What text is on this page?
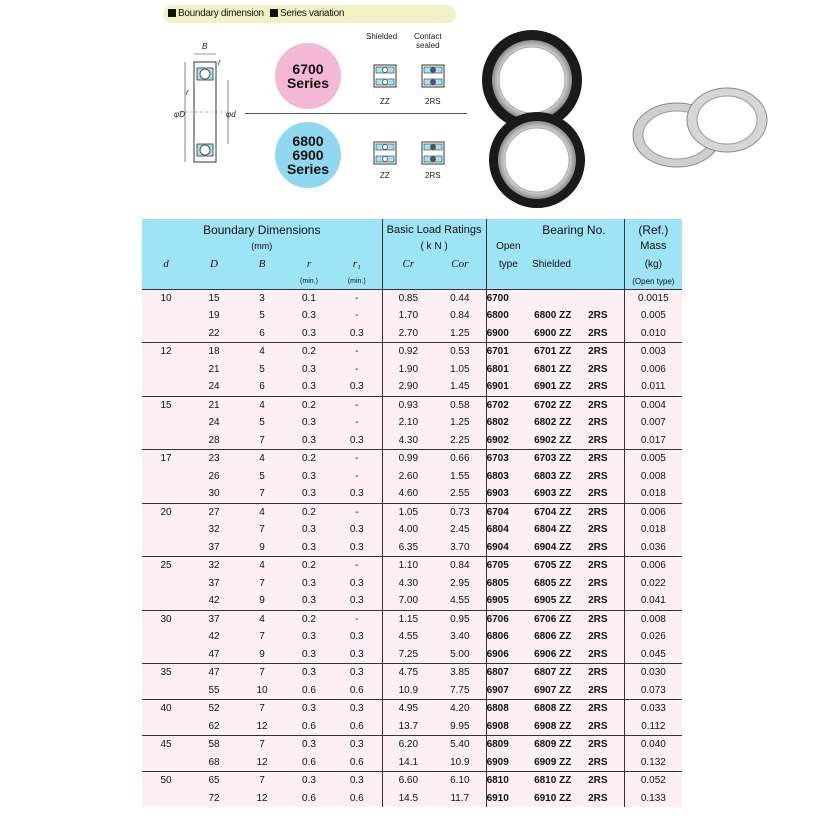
Boundary dimension	Series variation
B
r
r
φD	φd
6700
Series
6800
6900
Series
Shielded Contact
sealed
ZZ	2RS
ZZ	2RS
Boundary Dimensions					Basic Load Ratings		Bearing No.			(Ref.)
(mm)					( k N )		Open			Mass
d	D	B	r	r₁	Cr	Cor	type	Shielded		(kg)
			(min.)	(min.)						(Open type)
10	15	3	0.1	-	0.85	0.44	6700			0.0015
	19	5	0.3	-	1.70	0.84	6800	6800 ZZ	2RS	0.005
	22	6	0.3	0.3	2.70	1.25	6900	6900 ZZ	2RS	0.010
12	18	4	0.2	-	0.92	0.53	6701	6701 ZZ	2RS	0.003
	21	5	0.3	-	1.90	1.05	6801	6801 ZZ	2RS	0.006
	24	6	0.3	0.3	2.90	1.45	6901	6901 ZZ	2RS	0.011
15	21	4	0.2	-	0.93	0.58	6702	6702 ZZ	2RS	0.004
	24	5	0.3	-	2.10	1.25	6802	6802 ZZ	2RS	0.007
	28	7	0.3	0.3	4.30	2.25	6902	6902 ZZ	2RS	0.017
17	23	4	0.2	-	0.99	0.66	6703	6703 ZZ	2RS	0.005
	26	5	0.3	-	2.60	1.55	6803	6803 ZZ	2RS	0.008
	30	7	0.3	0.3	4.60	2.55	6903	6903 ZZ	2RS	0.018
20	27	4	0.2	-	1.05	0.73	6704	6704 ZZ	2RS	0.006
	32	7	0.3	0.3	4.00	2.45	6804	6804 ZZ	2RS	0.018
	37	9	0.3	0.3	6.35	3.70	6904	6904 ZZ	2RS	0.036
25	32	4	0.2	-	1.10	0.84	6705	6705 ZZ	2RS	0.006
	37	7	0.3	0.3	4.30	2.95	6805	6805 ZZ	2RS	0.022
	42	9	0.3	0.3	7.00	4.55	6905	6905 ZZ	2RS	0.041
30	37	4	0.2	-	1.15	0.95	6706	6706 ZZ	2RS	0.008
	42	7	0.3	0.3	4.55	3.40	6806	6806 ZZ	2RS	0.026
	47	9	0.3	0.3	7.25	5.00	6906	6906 ZZ	2RS	0.045
35	47	7	0.3	0.3	4.75	3.85	6807	6807 ZZ	2RS	0.030
	55	10	0.6	0.6	10.9	7.75	6907	6907 ZZ	2RS	0.073
40	52	7	0.3	0.3	4.95	4.20	6808	6808 ZZ	2RS	0.033
	62	12	0.6	0.6	13.7	9.95	6908	6908 ZZ	2RS	0.112
45	58	7	0.3	0.3	6.20	5.40	6809	6809 ZZ	2RS	0.040
	68	12	0.6	0.6	14.1	10.9	6909	6909 ZZ	2RS	0.132
50	65	7	0.3	0.3	6.60	6.10	6810	6810 ZZ	2RS	0.052
	72	12	0.6	0.6	14.5	11.7	6910	6910 ZZ	2RS	0.133
